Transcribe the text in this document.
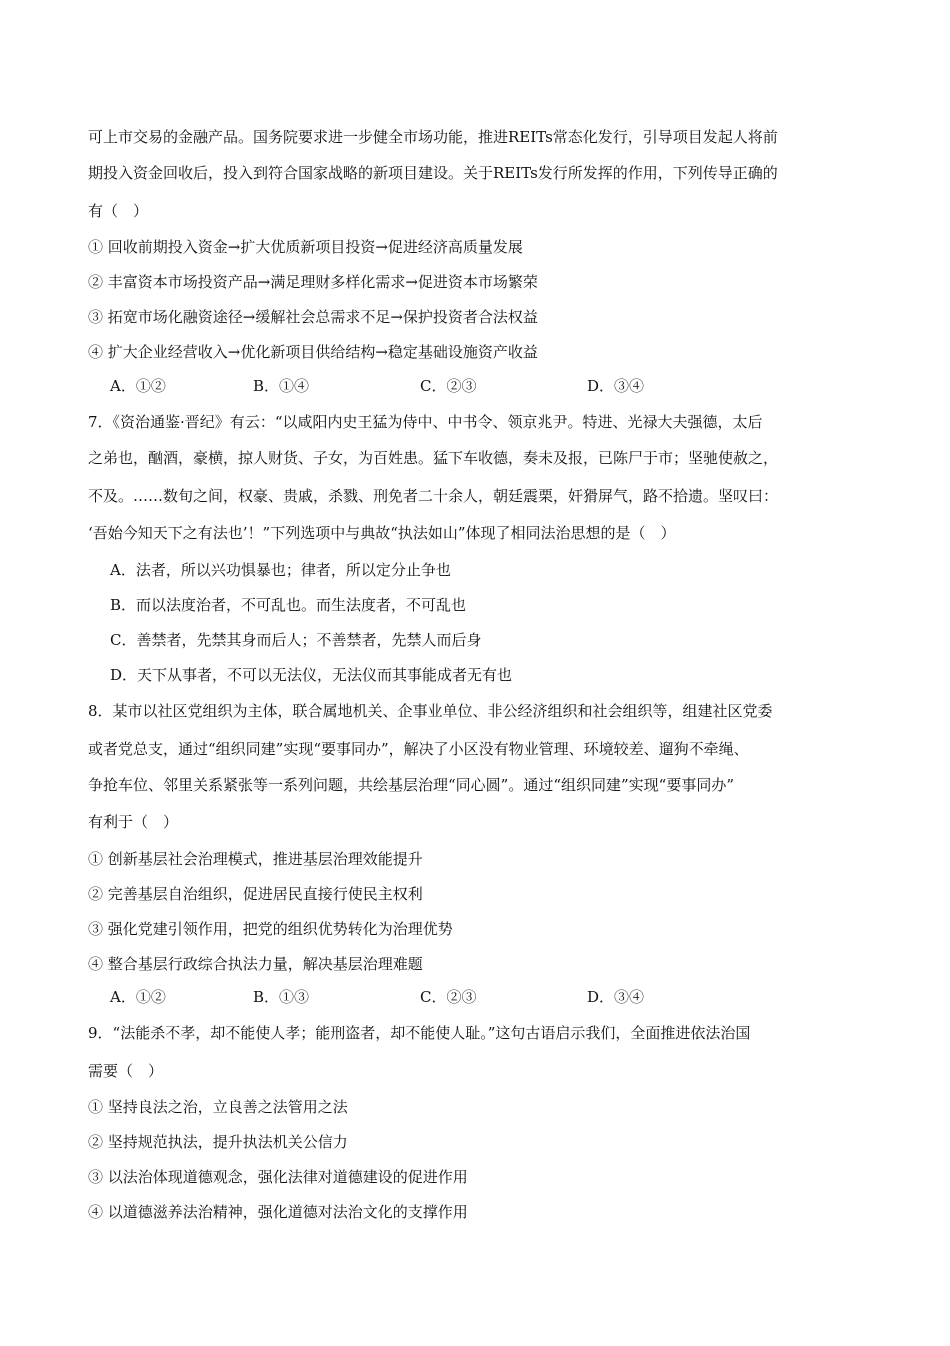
可上市交易的金融产品。国务院要求进一步健全市场功能，推进REITs常态化发行，引导项目发起人将前
期投入资金回收后，投入到符合国家战略的新项目建设。关于REITs发行所发挥的作用，下列传导正确的
有（　）
① 回收前期投入资金→扩大优质新项目投资→促进经济高质量发展
② 丰富资本市场投资产品→满足理财多样化需求→促进资本市场繁荣
③ 拓宽市场化融资途径→缓解社会总需求不足→保护投资者合法权益
④ 扩大企业经营收入→优化新项目供给结构→稳定基础设施资产收益
A．①②	B．①④	C．②③	D．③④
7．《资治通鉴·晋纪》有云：“以咸阳内史王猛为侍中、中书令、领京兆尹。特进、光禄大夫强德，太后
之弟也，酗酒，豪横，掠人财货、子女，为百姓患。猛下车收德，奏未及报，已陈尸于市；坚驰使赦之，
不及。……数旬之间，权豪、贵戚，杀戮、刑免者二十余人，朝廷震栗，奸猾屏气，路不拾遗。坚叹曰：
‘吾始今知天下之有法也’！”下列选项中与典故“执法如山”体现了相同法治思想的是（　）
A．法者，所以兴功惧暴也；律者，所以定分止争也
B．而以法度治者，不可乱也。而生法度者，不可乱也
C．善禁者，先禁其身而后人；不善禁者，先禁人而后身
D．天下从事者，不可以无法仪，无法仪而其事能成者无有也
8．某市以社区党组织为主体，联合属地机关、企事业单位、非公经济组织和社会组织等，组建社区党委
或者党总支，通过“组织同建”实现“要事同办”，解决了小区没有物业管理、环境较差、遛狗不牵绳、
争抢车位、邻里关系紧张等一系列问题，共绘基层治理“同心圆”。通过“组织同建”实现“要事同办”
有利于（　）
① 创新基层社会治理模式，推进基层治理效能提升
② 完善基层自治组织，促进居民直接行使民主权利
③ 强化党建引领作用，把党的组织优势转化为治理优势
④ 整合基层行政综合执法力量，解决基层治理难题
A．①②	B．①③	C．②③	D．③④
9．“法能杀不孝，却不能使人孝；能刑盗者，却不能使人耻。”这句古语启示我们，全面推进依法治国
需要（　）
① 坚持良法之治，立良善之法管用之法
② 坚持规范执法，提升执法机关公信力
③ 以法治体现道德观念，强化法律对道德建设的促进作用
④ 以道德滋养法治精神，强化道德对法治文化的支撑作用
